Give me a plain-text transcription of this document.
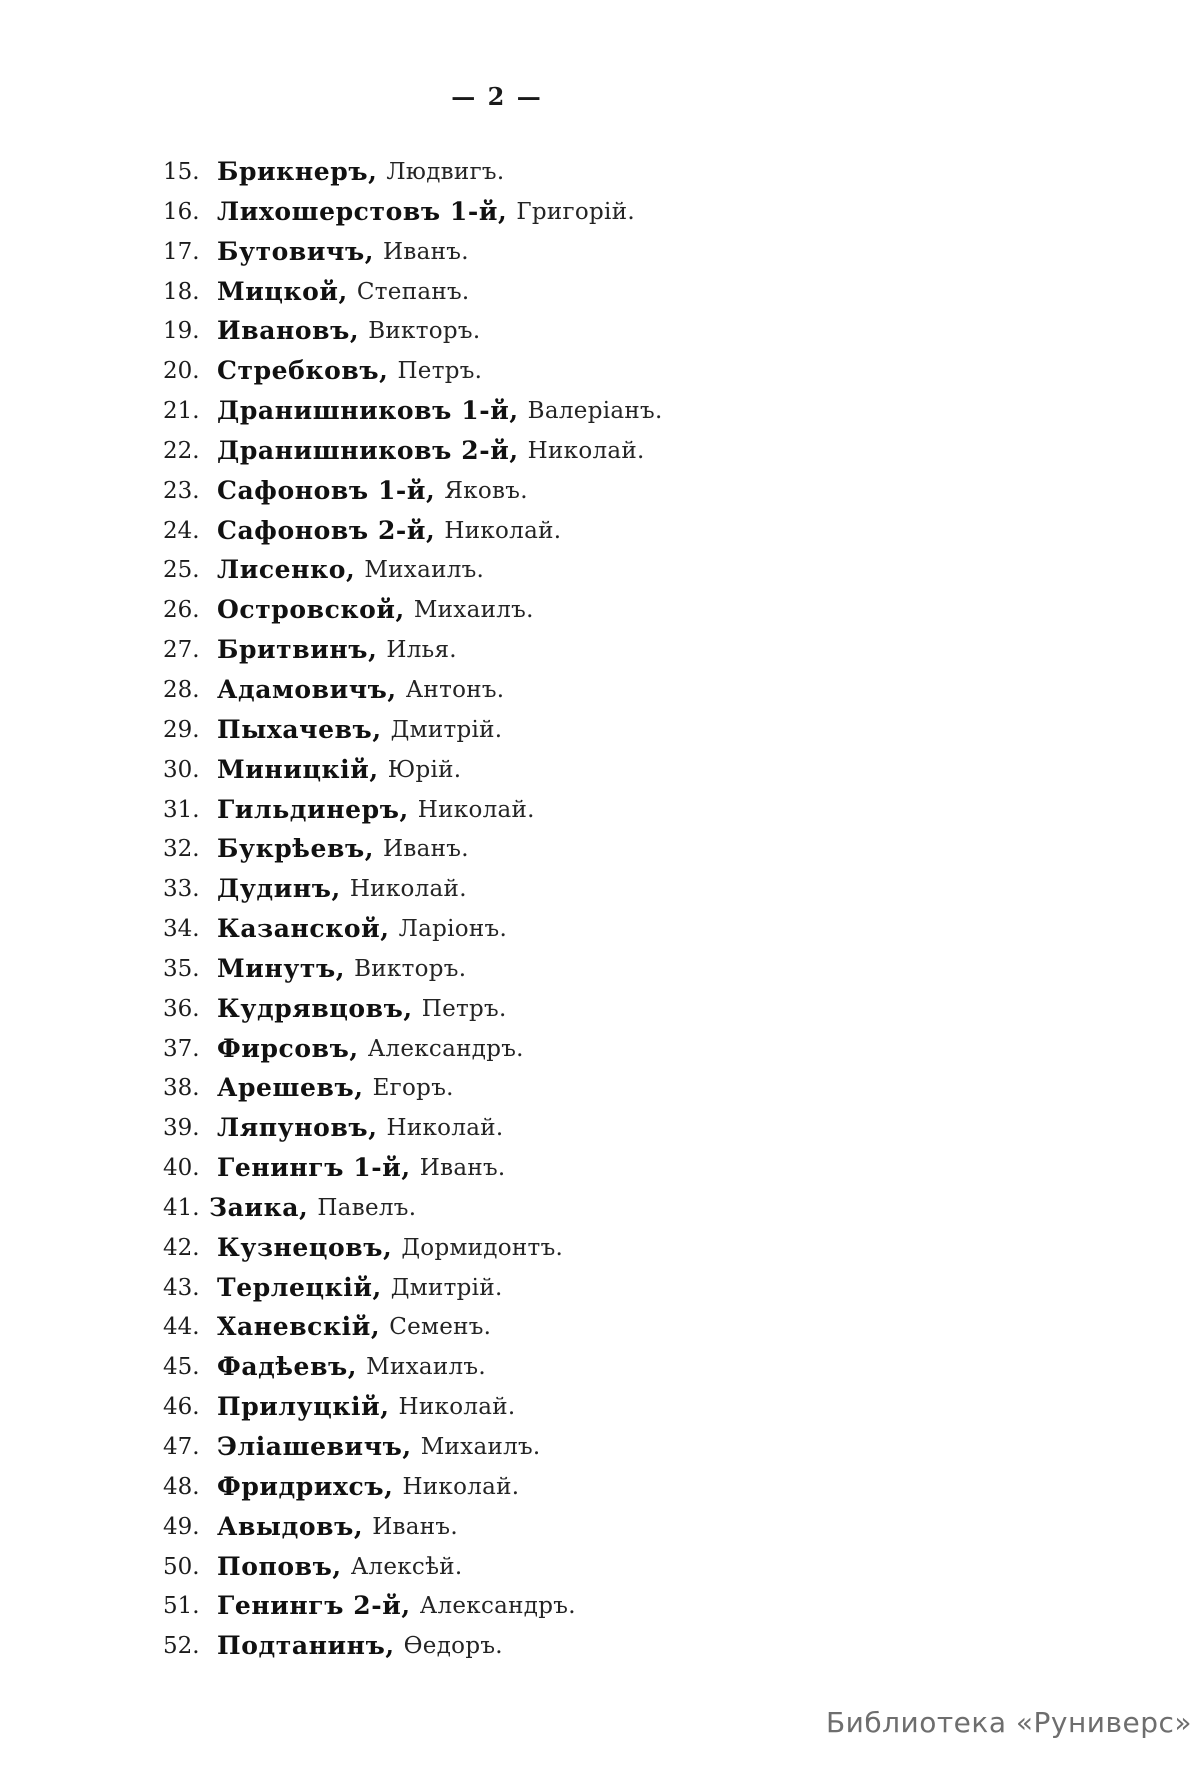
— 2 —
15. Брикнеръ, Людвигъ.
16. Лихошерстовъ 1-й, Григорій.
17. Бутовичъ, Иванъ.
18. Мицкой, Степанъ.
19. Ивановъ, Викторъ.
20. Стребковъ, Петръ.
21. Дранишниковъ 1-й, Валеріанъ.
22. Дранишниковъ 2-й, Николай.
23. Сафоновъ 1-й, Яковъ.
24. Сафоновъ 2-й, Николай.
25. Лисенко, Михаилъ.
26. Островской, Михаилъ.
27. Бритвинъ, Илья.
28. Адамовичъ, Антонъ.
29. Пыхачевъ, Дмитрій.
30. Миницкій, Юрій.
31. Гильдинеръ, Николай.
32. Букрѣевъ, Иванъ.
33. Дудинъ, Николай.
34. Казанской, Ларіонъ.
35. Минутъ, Викторъ.
36. Кудрявцовъ, Петръ.
37. Фирсовъ, Александръ.
38. Арешевъ, Егоръ.
39. Ляпуновъ, Николай.
40. Генингъ 1-й, Иванъ.
41. Заика, Павелъ.
42. Кузнецовъ, Дормидонтъ.
43. Терлецкій, Дмитрій.
44. Ханевскій, Семенъ.
45. Фадѣевъ, Михаилъ.
46. Прилуцкій, Николай.
47. Эліашевичъ, Михаилъ.
48. Фридрихсъ, Николай.
49. Авыдовъ, Иванъ.
50. Поповъ, Алексѣй.
51. Генингъ 2-й, Александръ.
52. Подтанинъ, Ѳедоръ.
Библиотека «Руниверс»
